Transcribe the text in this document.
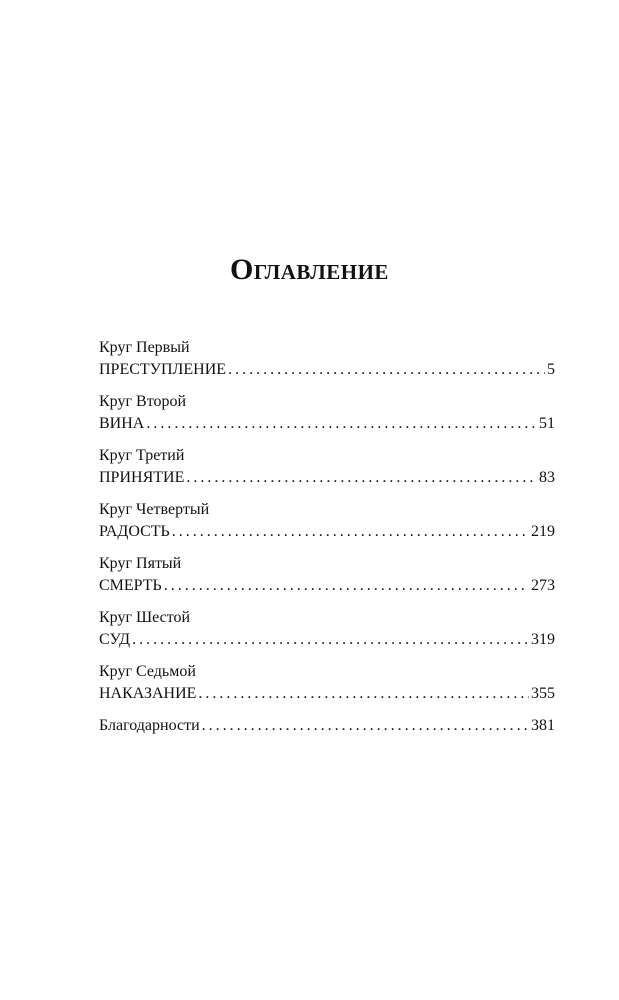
Оглавление
Круг Первый
ПРЕСТУПЛЕНИЕ . . .	5
Круг Второй
ВИНА . . .	51
Круг Третий
ПРИНЯТИЕ . . .	83
Круг Четвертый
РАДОСТЬ . . .	219
Круг Пятый
СМЕРТЬ . . .	273
Круг Шестой
СУД . . .	319
Круг Седьмой
НАКАЗАНИЕ . . .	355
Благодарности . . .	381
